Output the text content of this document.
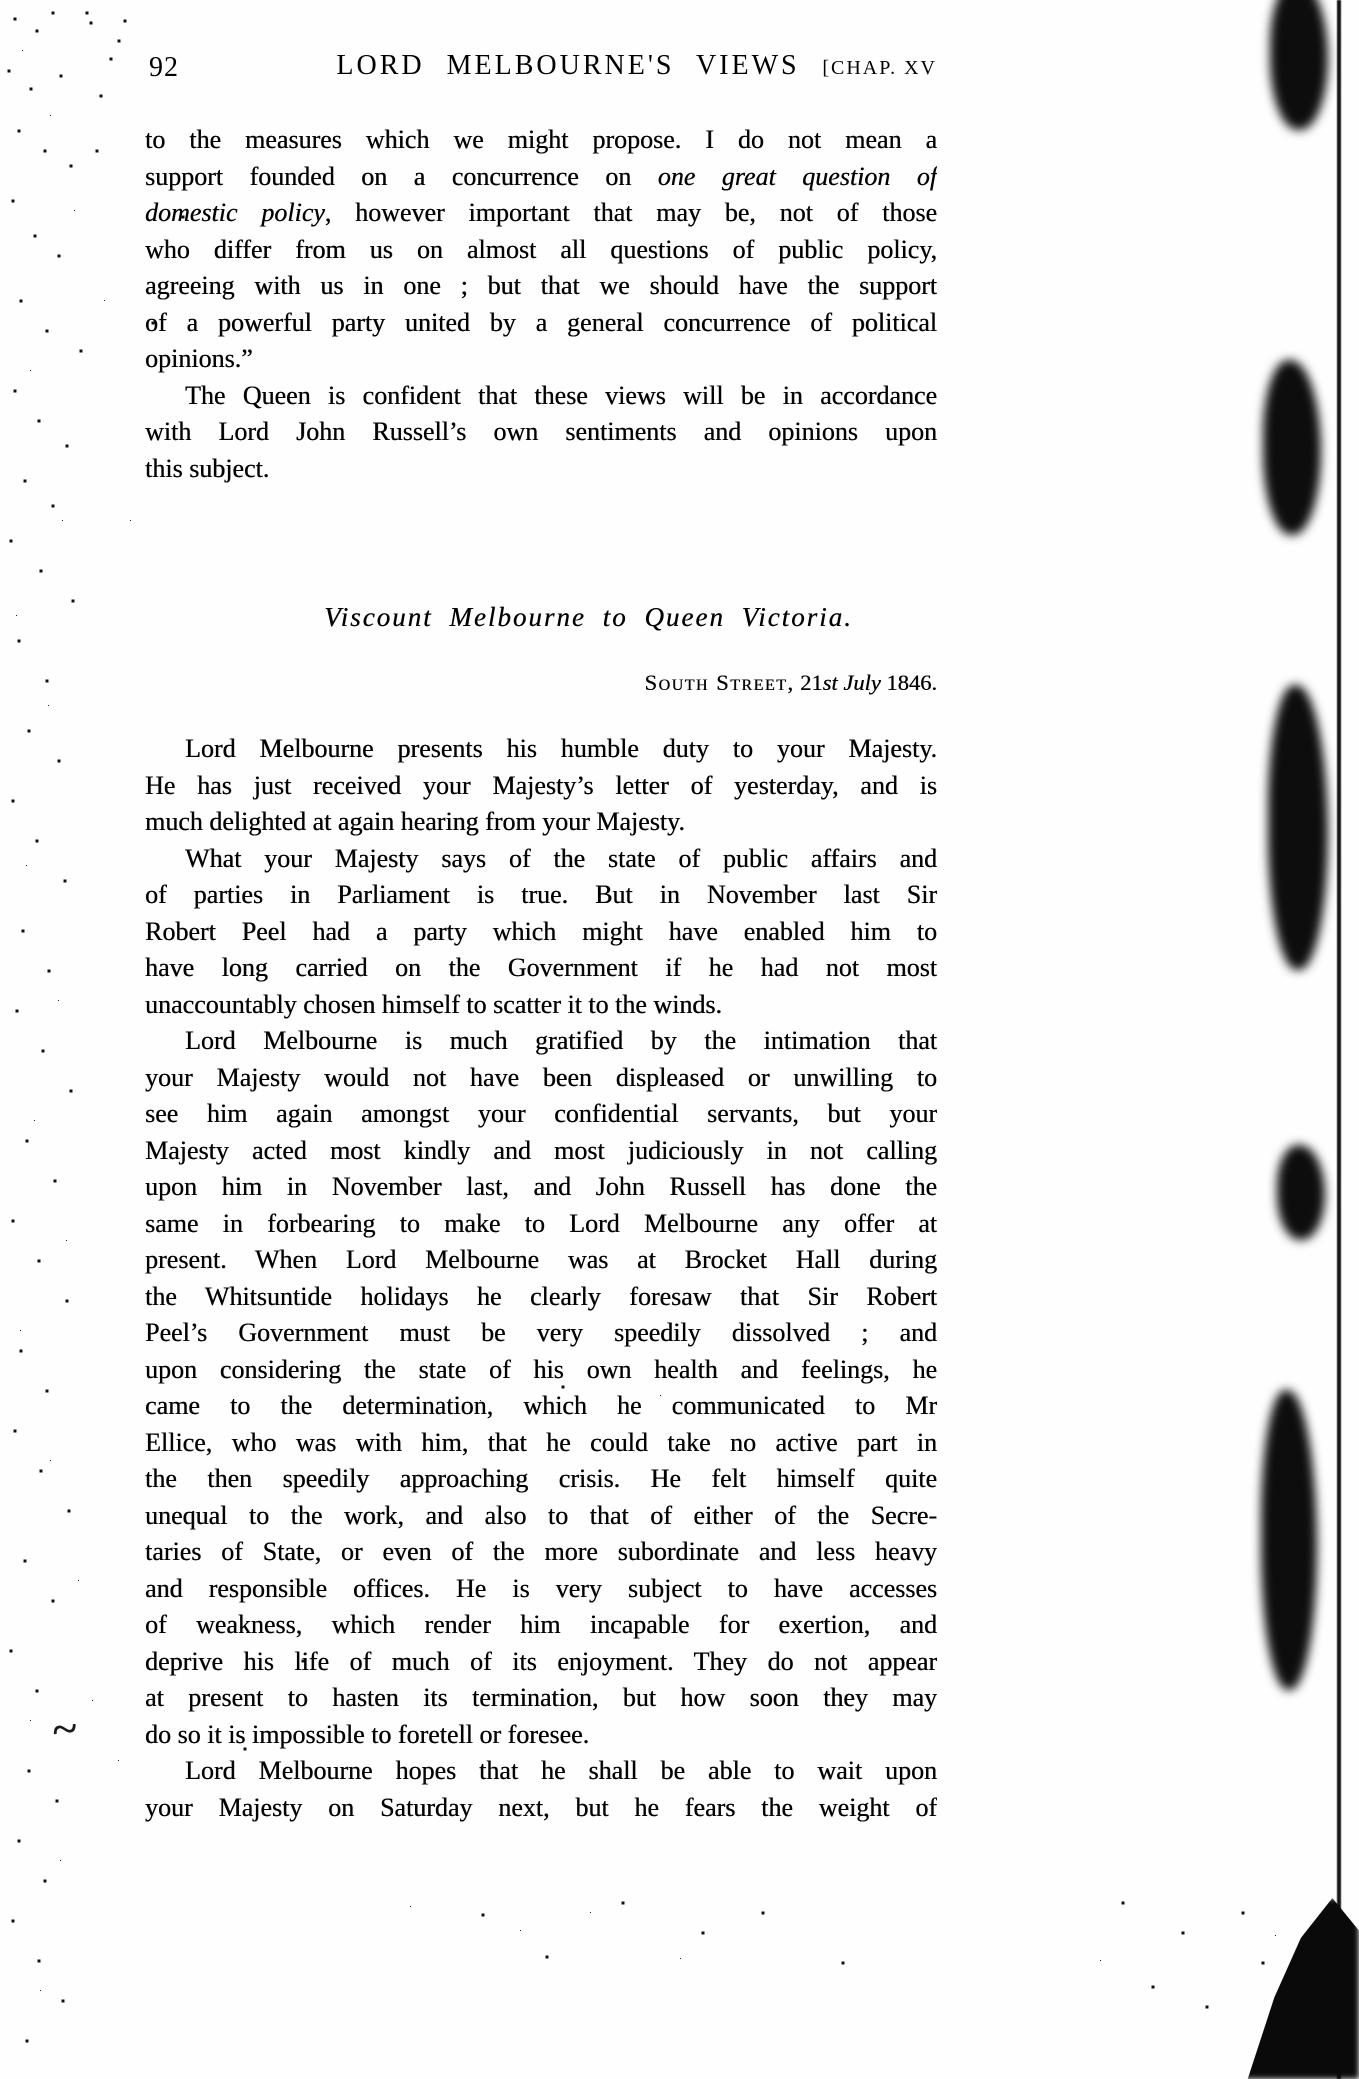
92	LORD MELBOURNE'S VIEWS	[CHAP. XV
to the measures which we might propose. I do not mean a
support founded on a concurrence on one great question of
domestic policy, however important that may be, not of those
who differ from us on almost all questions of public policy,
agreeing with us in one ; but that we should have the support
of a powerful party united by a general concurrence of political
opinions.”
The Queen is confident that these views will be in accordance
with Lord John Russell’s own sentiments and opinions upon
this subject.
Viscount Melbourne to Queen Victoria.
South Street, 21st July 1846.
Lord Melbourne presents his humble duty to your Majesty.
He has just received your Majesty’s letter of yesterday, and is
much delighted at again hearing from your Majesty.
What your Majesty says of the state of public affairs and
of parties in Parliament is true. But in November last Sir
Robert Peel had a party which might have enabled him to
have long carried on the Government if he had not most
unaccountably chosen himself to scatter it to the winds.
Lord Melbourne is much gratified by the intimation that
your Majesty would not have been displeased or unwilling to
see him again amongst your confidential servants, but your
Majesty acted most kindly and most judiciously in not calling
upon him in November last, and John Russell has done the
same in forbearing to make to Lord Melbourne any offer at
present. When Lord Melbourne was at Brocket Hall during
the Whitsuntide holidays he clearly foresaw that Sir Robert
Peel’s Government must be very speedily dissolved ; and
upon considering the state of his own health and feelings, he
came to the determination, which he communicated to Mr
Ellice, who was with him, that he could take no active part in
the then speedily approaching crisis. He felt himself quite
unequal to the work, and also to that of either of the Secre-
taries of State, or even of the more subordinate and less heavy
and responsible offices. He is very subject to have accesses
of weakness, which render him incapable for exertion, and
deprive his life of much of its enjoyment. They do not appear
at present to hasten its termination, but how soon they may
do so it is impossible to foretell or foresee.
Lord Melbourne hopes that he shall be able to wait upon
your Majesty on Saturday next, but he fears the weight of
~
